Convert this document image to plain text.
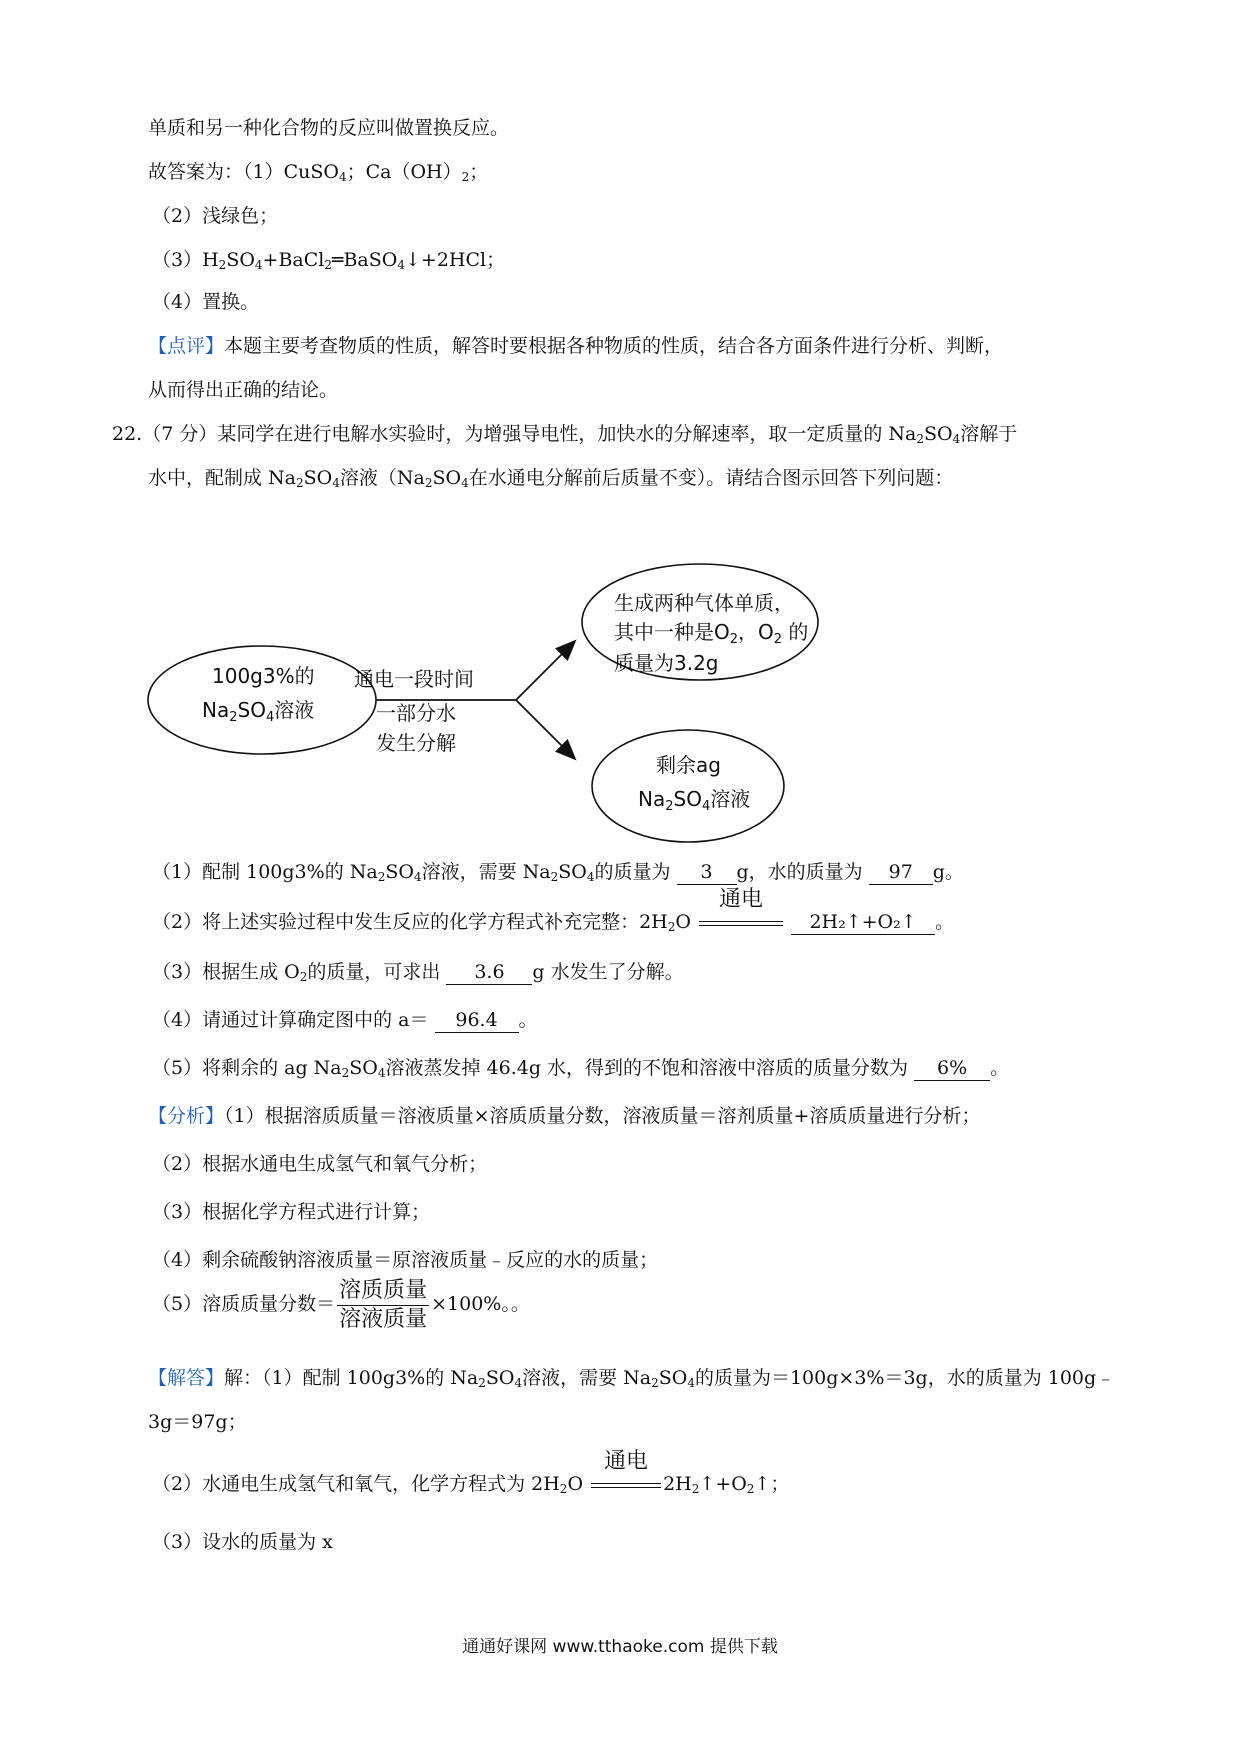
单质和另一种化合物的反应叫做置换反应。
故答案为：（1）CuSO$_4$；$Ca(OH)_2$；
（2）浅绿色；
$(3)H_2SO_4+BaCl_2═BaSO_4↓+2HCl$；
（4）置换。
【点评】本题主要考查物质的性质，解答时要根据各种物质的性质，结合各方面条件进行分析、判断，
从而得出正确的结论。
22.（7 分）某同学在进行电解水实验时，为增强导电性，加快水的分解速率，取一定质量的 $Na_2SO_4$溶解于
水中，配制成 $Na_2SO_4$溶液（$Na_2SO_4$在水通电分解前后质量不变）。请结合图示回答下列问题：
100g3%的
$Na_2SO_4$溶液
通电一段时间
一部分水
发生分解
生成两种气体单质，
其中一种是$O_2$，$O_2$ 的
质量为3.2g
剩余ag
$Na_2SO_4$溶液
（1）配制 100g3%的 $Na_2SO_4$溶液，需要 $Na_2SO_4$的质量为 3 g，水的质量为 97 g。
（2）将上述实验过程中发生反应的化学方程式补充完整：$2H_2O$
通电
2H₂↑+O₂↑ 。
（3）根据生成 $O_2$的质量，可求出 3.6 g 水发生了分解。
（4）请通过计算确定图中的 a＝ 96.4 。
（5）将剩余的 ag $Na_2SO_4$溶液蒸发掉 46.4g 水，得到的不饱和溶液中溶质的质量分数为 6% 。
【分析】（1）根据溶质质量＝溶液质量×溶质质量分数，溶液质量＝溶剂质量+溶质质量进行分析；
（2）根据水通电生成氢气和氧气分析；
（3）根据化学方程式进行计算；
（4）剩余硫酸钠溶液质量＝原溶液质量﹣反应的水的质量；
（5）溶质质量分数＝ $\frac{\text{溶质质量}}{\text{溶液质量}} \times 100\%$。。
【解答】解：（1）配制 100g3%的 $Na_2SO_4$溶液，需要 $Na_2SO_4$的质量为＝100g×3%＝3g，水的质量为 100g﹣
3g＝97g；
（2）水通电生成氢气和氧气，化学方程式为 $2H_2O$
通电
$2H_2↑+O_2↑$；
（3）设水的质量为 x
通通好课网 www.tthaoke.com 提供下载
